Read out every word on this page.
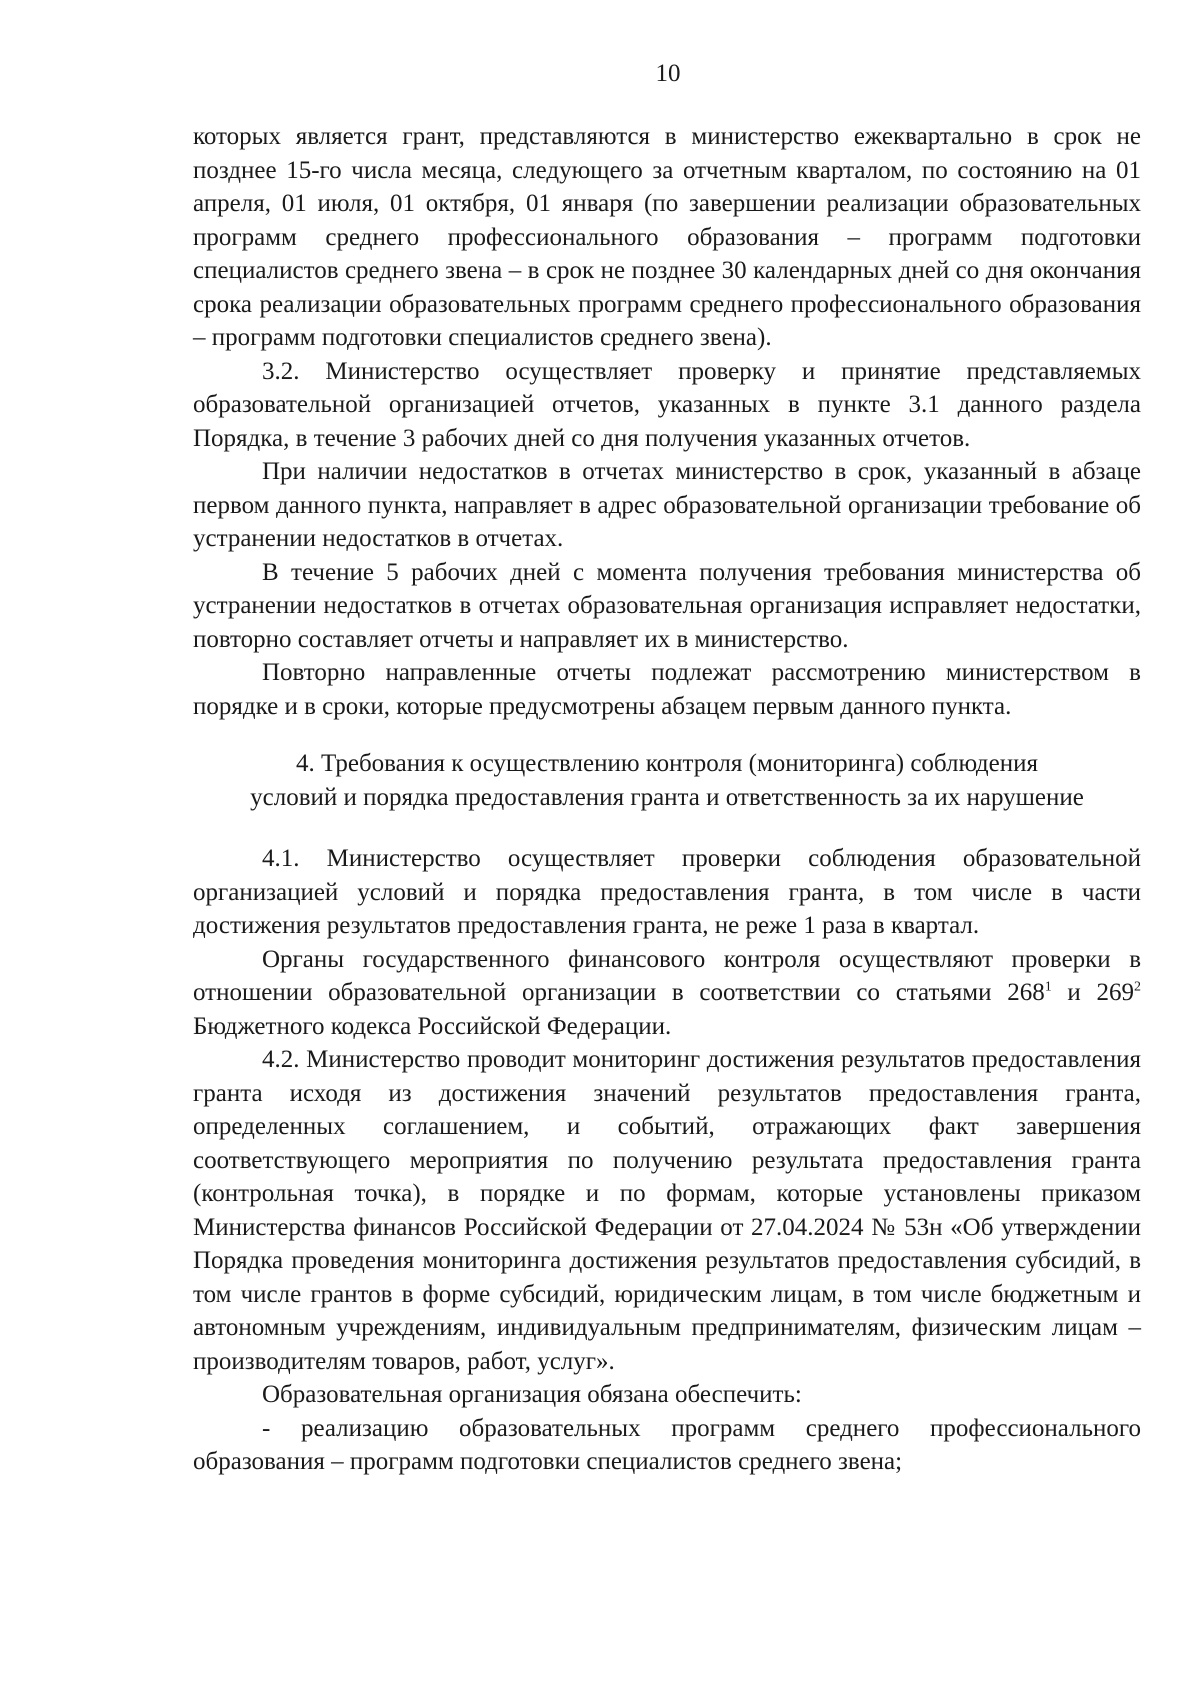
10

которых является грант, представляются в министерство ежеквартально в срок не позднее 15-го числа месяца, следующего за отчетным кварталом, по состоянию на 01 апреля, 01 июля, 01 октября, 01 января (по завершении реализации образовательных программ среднего профессионального образования – программ подготовки специалистов среднего звена – в срок не позднее 30 календарных дней со дня окончания срока реализации образовательных программ среднего профессионального образования – программ подготовки специалистов среднего звена).

3.2. Министерство осуществляет проверку и принятие представляемых образовательной организацией отчетов, указанных в пункте 3.1 данного раздела Порядка, в течение 3 рабочих дней со дня получения указанных отчетов.

При наличии недостатков в отчетах министерство в срок, указанный в абзаце первом данного пункта, направляет в адрес образовательной организации требование об устранении недостатков в отчетах.

В течение 5 рабочих дней с момента получения требования министерства об устранении недостатков в отчетах образовательная организация исправляет недостатки, повторно составляет отчеты и направляет их в министерство.

Повторно направленные отчеты подлежат рассмотрению министерством в порядке и в сроки, которые предусмотрены абзацем первым данного пункта.

4. Требования к осуществлению контроля (мониторинга) соблюдения
условий и порядка предоставления гранта и ответственность за их нарушение

4.1. Министерство осуществляет проверки соблюдения образовательной организацией условий и порядка предоставления гранта, в том числе в части достижения результатов предоставления гранта, не реже 1 раза в квартал.

Органы государственного финансового контроля осуществляют проверки в отношении образовательной организации в соответствии со статьями $268^1$ и $269^2$ Бюджетного кодекса Российской Федерации.

4.2. Министерство проводит мониторинг достижения результатов предоставления гранта исходя из достижения значений результатов предоставления гранта, определенных соглашением, и событий, отражающих факт завершения соответствующего мероприятия по получению результата предоставления гранта (контрольная точка), в порядке и по формам, которые установлены приказом Министерства финансов Российской Федерации от 27.04.2024 № 53н «Об утверждении Порядка проведения мониторинга достижения результатов предоставления субсидий, в том числе грантов в форме субсидий, юридическим лицам, в том числе бюджетным и автономным учреждениям, индивидуальным предпринимателям, физическим лицам – производителям товаров, работ, услуг».

Образовательная организация обязана обеспечить:

- реализацию образовательных программ среднего профессионального образования – программ подготовки специалистов среднего звена;
